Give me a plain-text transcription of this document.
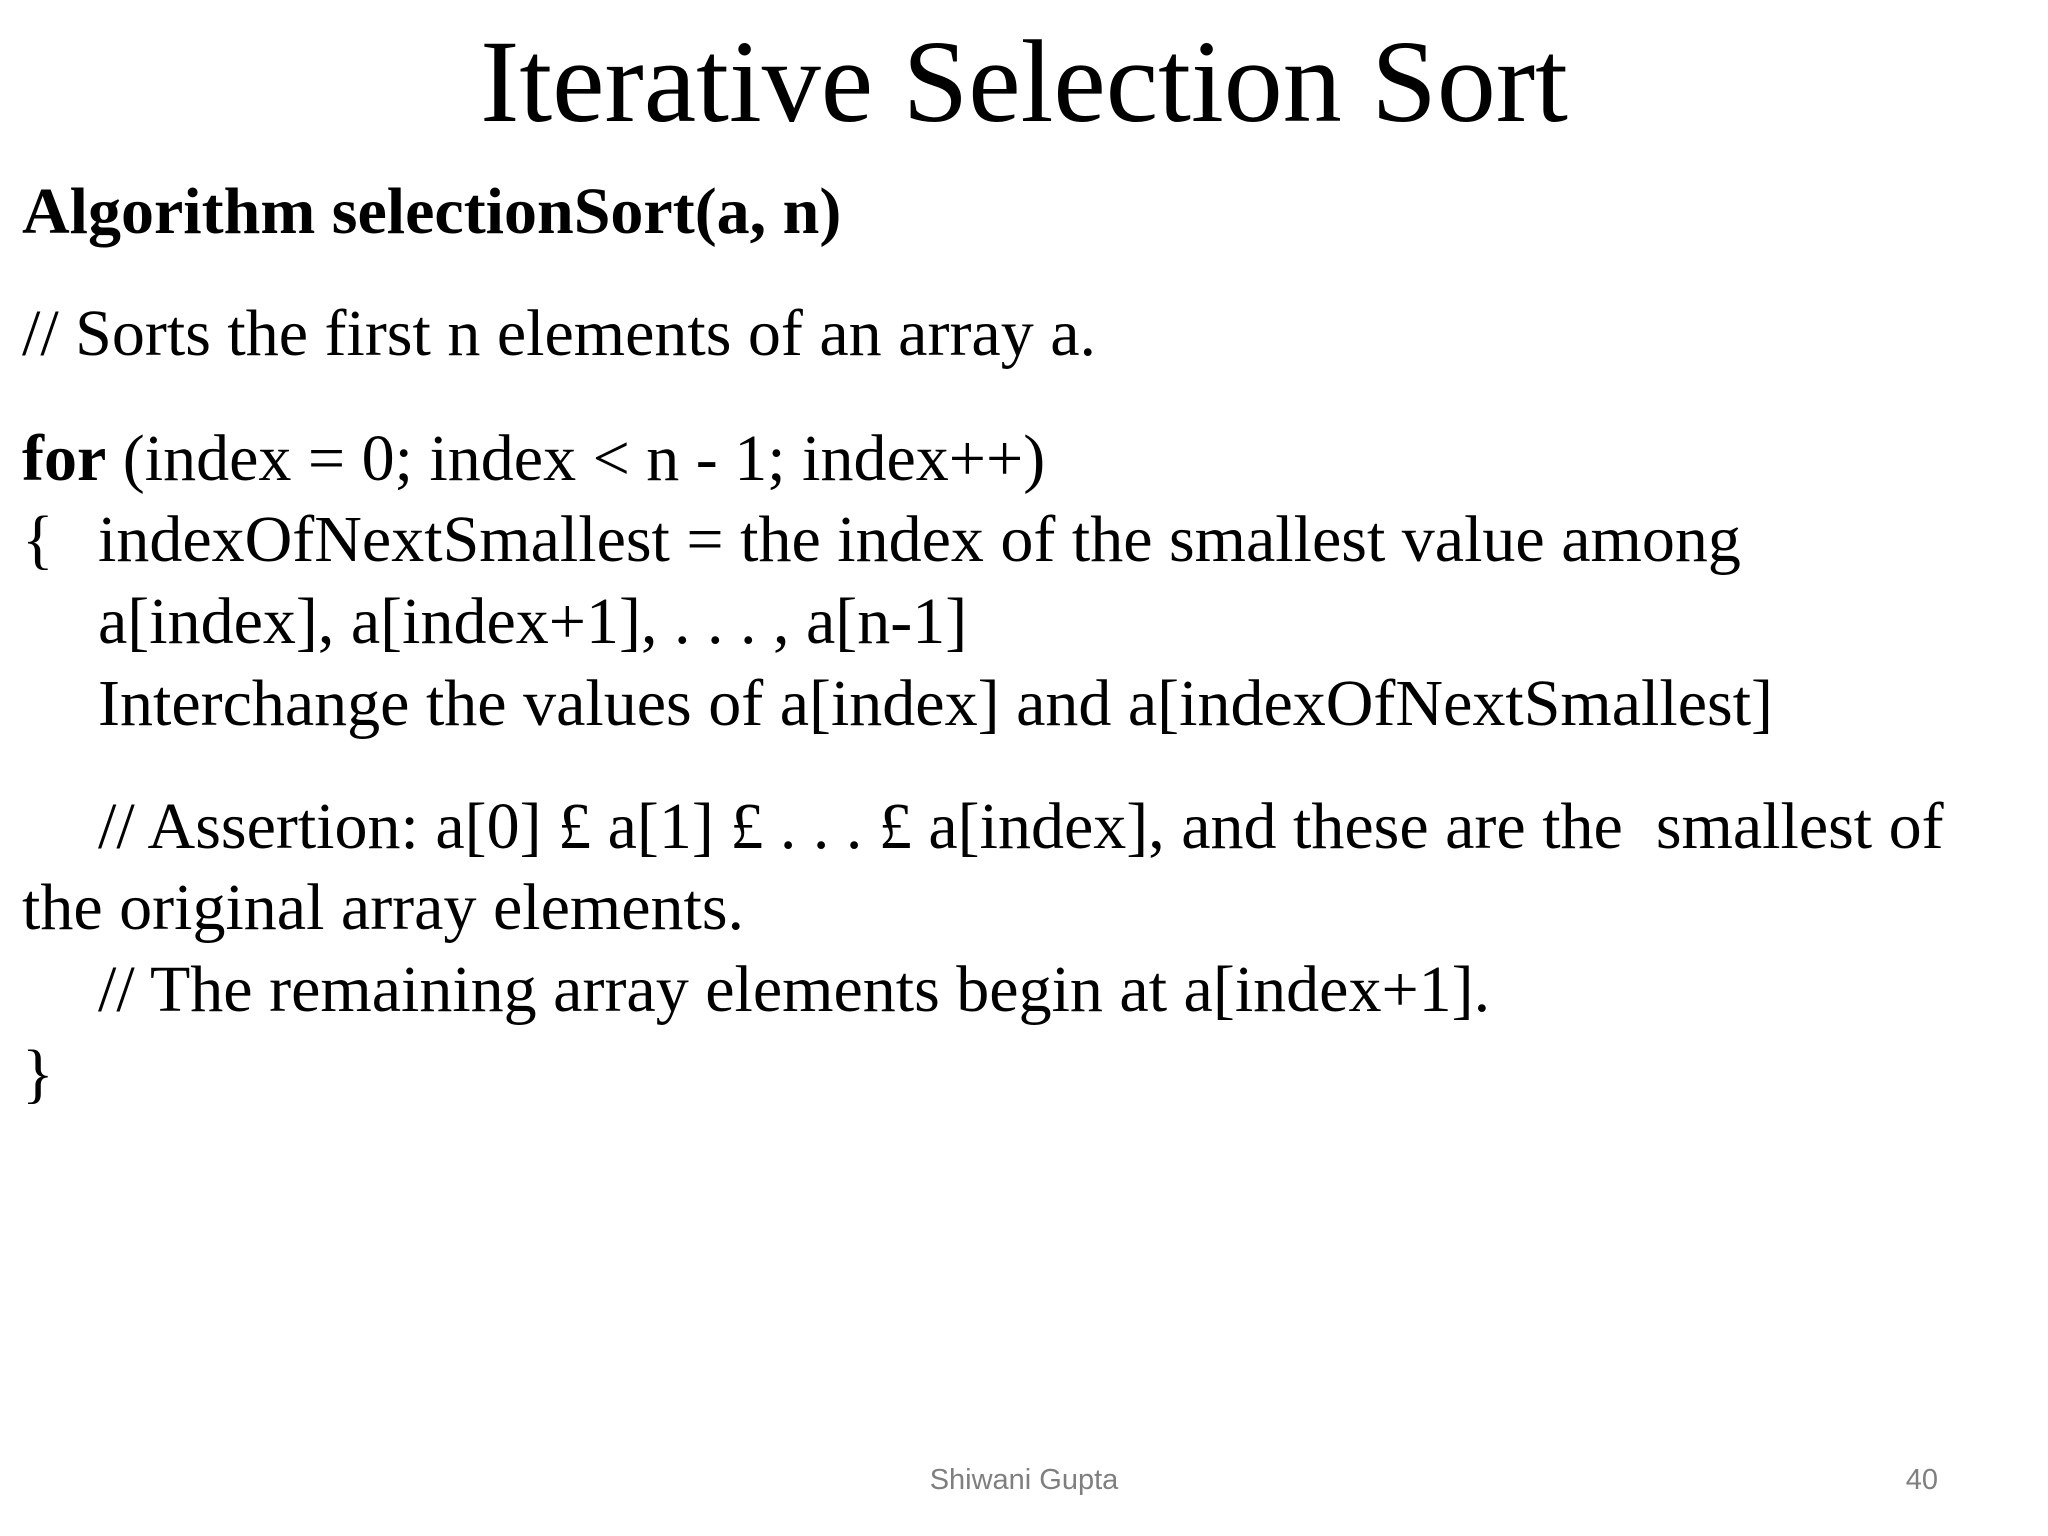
Iterative Selection Sort
Algorithm selectionSort(a, n)
// Sorts the first n elements of an array a.
for (index = 0; index < n - 1; index++)
{ indexOfNextSmallest = the index of the smallest value among
a[index], a[index+1], . . . , a[n-1]
Interchange the values of a[index] and a[indexOfNextSmallest]
// Assertion: a[0] £ a[1] £ . . . £ a[index], and these are the  smallest of
the original array elements.
// The remaining array elements begin at a[index+1].
}
Shiwani Gupta	40
